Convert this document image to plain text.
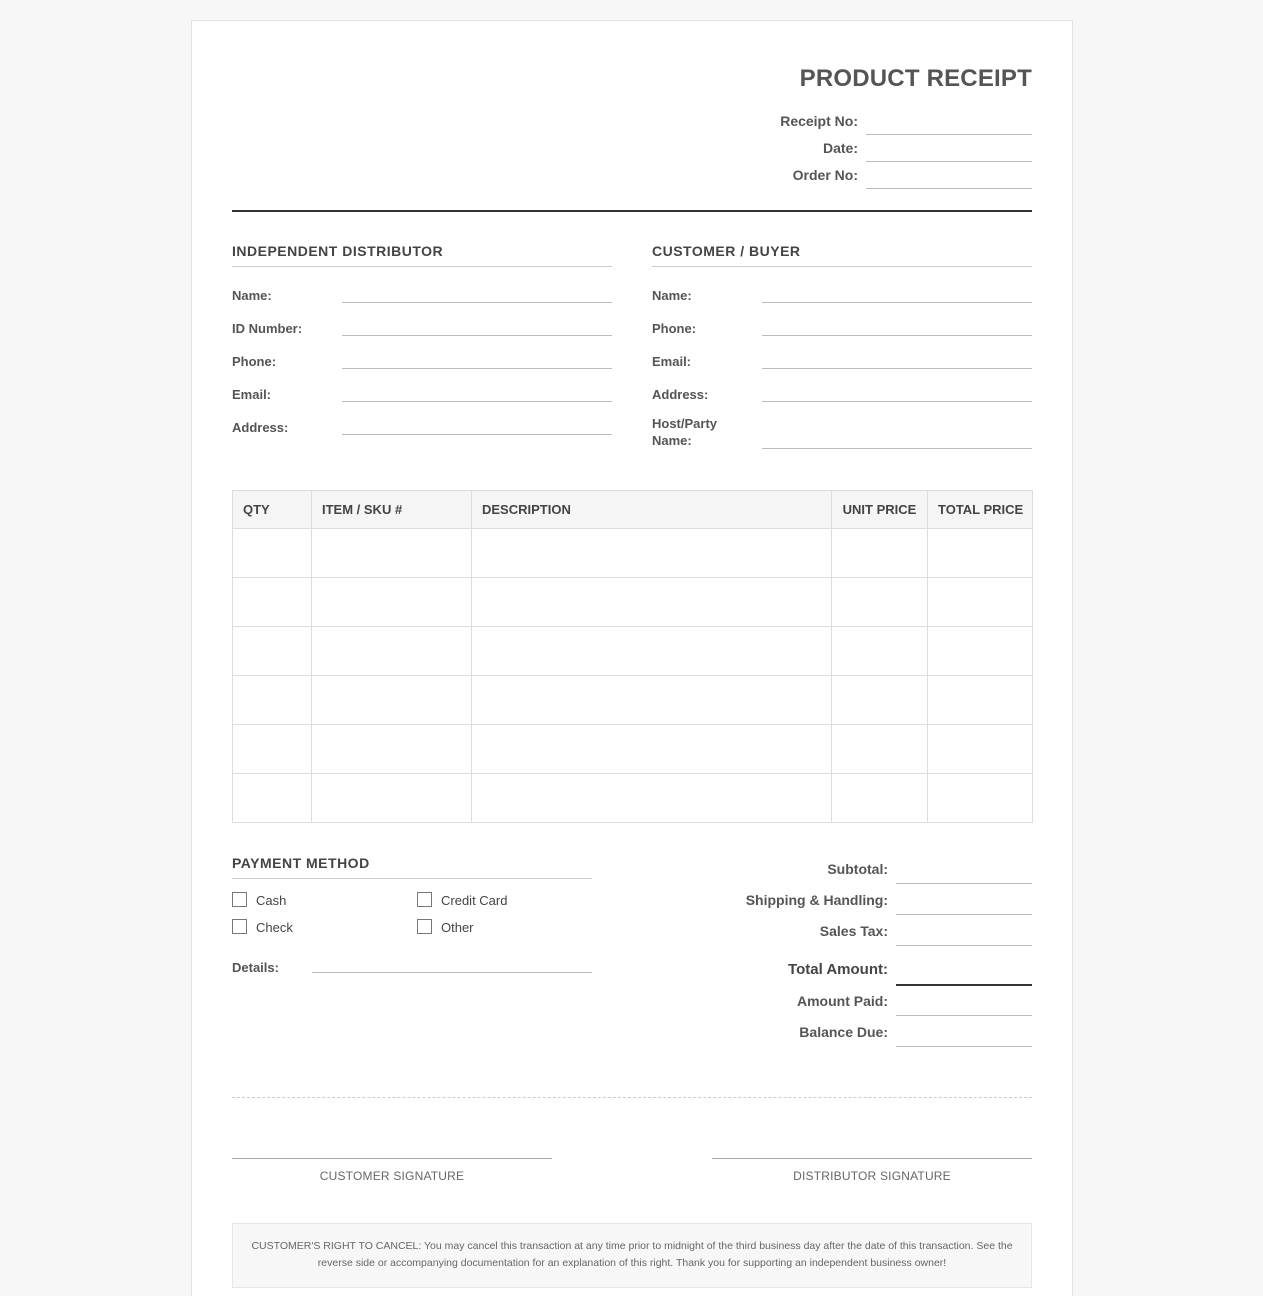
PRODUCT RECEIPT
Receipt No:
Date:
Order No:
INDEPENDENT DISTRIBUTOR
Name:
ID Number:
Phone:
Email:
Address:
CUSTOMER / BUYER
Name:
Phone:
Email:
Address:
Host/Party
Name:
QTY	ITEM / SKU #	DESCRIPTION	UNIT PRICE	TOTAL PRICE

PAYMENT METHOD
Cash	Credit Card
Check	Other
Details:
Subtotal:
Shipping & Handling:
Sales Tax:
Total Amount:
Amount Paid:
Balance Due:
CUSTOMER SIGNATURE	DISTRIBUTOR SIGNATURE
CUSTOMER'S RIGHT TO CANCEL: You may cancel this transaction at any time prior to midnight of the third business day after the date of this transaction. See the reverse side or accompanying documentation for an explanation of this right. Thank you for supporting an independent business owner!
